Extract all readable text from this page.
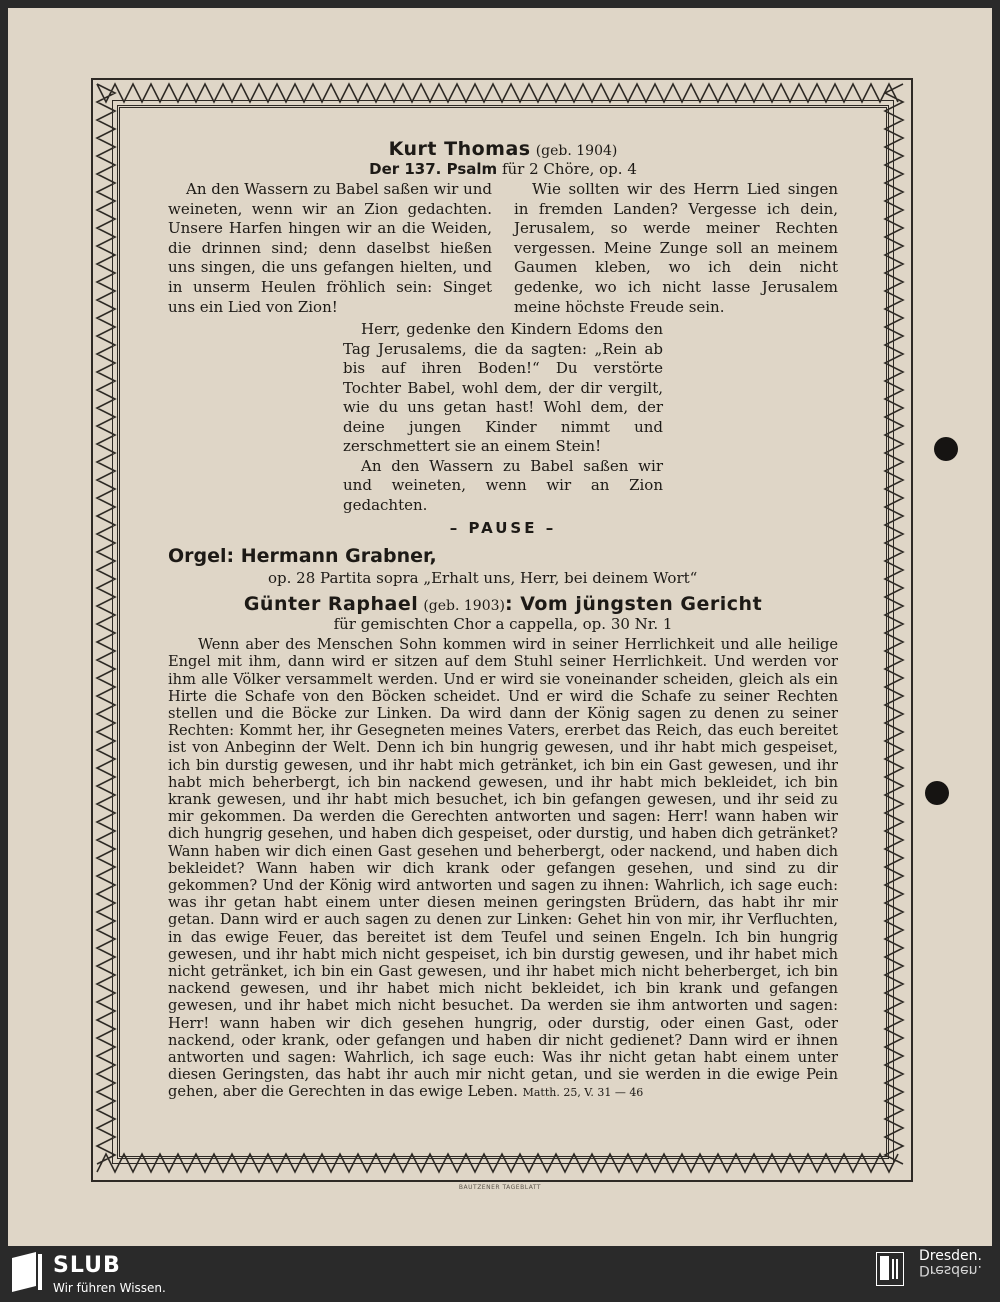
Kurt Thomas (geb. 1904)
Der 137. Psalm für 2 Chöre, op. 4

An den Wassern zu Babel saßen wir und weineten, wenn wir an Zion gedachten. Unsere Harfen hingen wir an die Weiden, die drinnen sind; denn daselbst hießen uns singen, die uns gefangen hielten, und in unserm Heulen fröhlich sein: Singet uns ein Lied von Zion!

Wie sollten wir des Herrn Lied singen in fremden Landen? Vergesse ich dein, Jerusalem, so werde meiner Rechten vergessen. Meine Zunge soll an meinem Gaumen kleben, wo ich dein nicht gedenke, wo ich nicht lasse Jerusalem meine höchste Freude sein.

Herr, gedenke den Kindern Edoms den Tag Jerusalems, die da sagten: „Rein ab bis auf ihren Boden!“ Du verstörte Tochter Babel, wohl dem, der dir vergilt, wie du uns getan hast! Wohl dem, der deine jungen Kinder nimmt und zerschmettert sie an einem Stein!

An den Wassern zu Babel saßen wir und weineten, wenn wir an Zion gedachten.

– PAUSE –
Orgel: Hermann Grabner,
op. 28 Partita sopra „Erhalt uns, Herr, bei deinem Wort“
Günter Raphael (geb. 1903): Vom jüngsten Gericht
für gemischten Chor a cappella, op. 30 Nr. 1
Wenn aber des Menschen Sohn kommen wird in seiner Herrlichkeit und alle heilige Engel mit ihm, dann wird er sitzen auf dem Stuhl seiner Herrlichkeit. Und werden vor ihm alle Völker versammelt werden. Und er wird sie voneinander scheiden, gleich als ein Hirte die Schafe von den Böcken scheidet. Und er wird die Schafe zu seiner Rechten stellen und die Böcke zur Linken. Da wird dann der König sagen zu denen zu seiner Rechten: Kommt her, ihr Gesegneten meines Vaters, ererbet das Reich, das euch bereitet ist von Anbeginn der Welt. Denn ich bin hungrig gewesen, und ihr habt mich gespeiset, ich bin durstig gewesen, und ihr habt mich getränket, ich bin ein Gast gewesen, und ihr habt mich beherbergt, ich bin nackend gewesen, und ihr habt mich bekleidet, ich bin krank gewesen, und ihr habt mich besuchet, ich bin gefangen gewesen, und ihr seid zu mir gekommen. Da werden die Gerechten antworten und sagen: Herr! wann haben wir dich hungrig gesehen, und haben dich gespeiset, oder durstig, und haben dich getränket? Wann haben wir dich einen Gast gesehen und beherbergt, oder nackend, und haben dich bekleidet? Wann haben wir dich krank oder gefangen gesehen, und sind zu dir gekommen? Und der König wird antworten und sagen zu ihnen: Wahrlich, ich sage euch: was ihr getan habt einem unter diesen meinen geringsten Brüdern, das habt ihr mir getan. Dann wird er auch sagen zu denen zur Linken: Gehet hin von mir, ihr Verfluchten, in das ewige Feuer, das bereitet ist dem Teufel und seinen Engeln. Ich bin hungrig gewesen, und ihr habt mich nicht gespeiset, ich bin durstig gewesen, und ihr habet mich nicht getränket, ich bin ein Gast gewesen, und ihr habet mich nicht beherberget, ich bin nackend gewesen, und ihr habet mich nicht bekleidet, ich bin krank und gefangen gewesen, und ihr habet mich nicht besuchet. Da werden sie ihm antworten und sagen: Herr! wann haben wir dich gesehen hungrig, oder durstig, oder einen Gast, oder nackend, oder krank, oder gefangen und haben dir nicht gedienet? Dann wird er ihnen antworten und sagen: Wahrlich, ich sage euch: Was ihr nicht getan habt einem unter diesen Geringsten, das habt ihr auch mir nicht getan, und sie werden in die ewige Pein gehen, aber die Gerechten in das ewige Leben. Matth. 25, V. 31 — 46
BAUTZENER TAGEBLATT
SLUB
Wir führen Wissen.
Dresden.
Dresden.
